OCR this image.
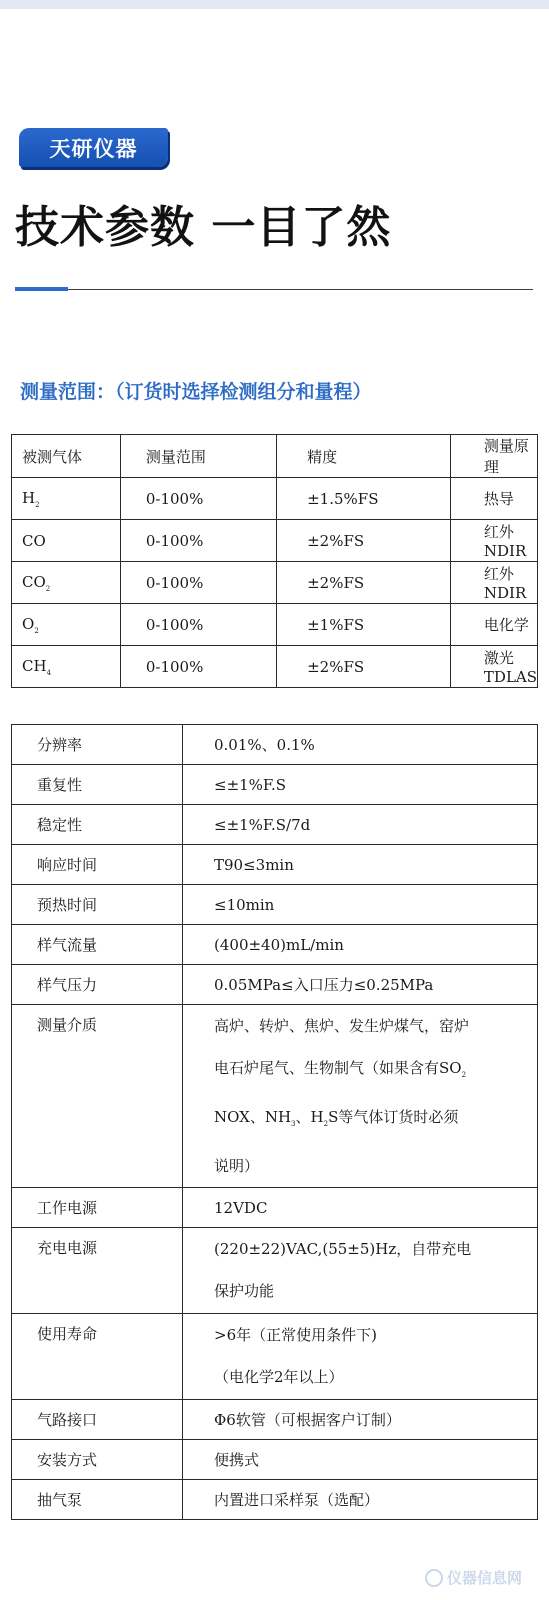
天研仪器
技术参数 一目了然
测量范围：（订货时选择检测组分和量程）
被测气体	测量范围	精度	测量原理
$H_2$	0-100%	±1.5%FS	热导
CO	0-100%	±2%FS	红外NDIR
$CO_2$	0-100%	±2%FS	红外NDIR
$O_2$	0-100%	±1%FS	电化学
$CH_4$	0-100%	±2%FS	激光TDLAS
分辨率	0.01%、0.1%
重复性	≤±1%F.S
稳定性	≤±1%F.S/7d
响应时间	T90≤3min
预热时间	≤10min
样气流量	(400±40)mL/min
样气压力	0.05MPa≤入口压力≤0.25MPa
测量介质	高炉、转炉、焦炉、发生炉煤气，窑炉
电石炉尾气、生物制气（如果含有$SO_2$
NOX、$NH_3$、$H_2S$等气体订货时必须
说明）

工作电源	12VDC
充电电源	(220±22)VAC,(55±5)Hz，自带充电
保护功能

使用寿命	>6年（正常使用条件下)
（电化学2年以上）

气路接口	Φ6软管（可根据客户订制）
安装方式	便携式
抽气泵	内置进口采样泵（选配）
仪器信息网
